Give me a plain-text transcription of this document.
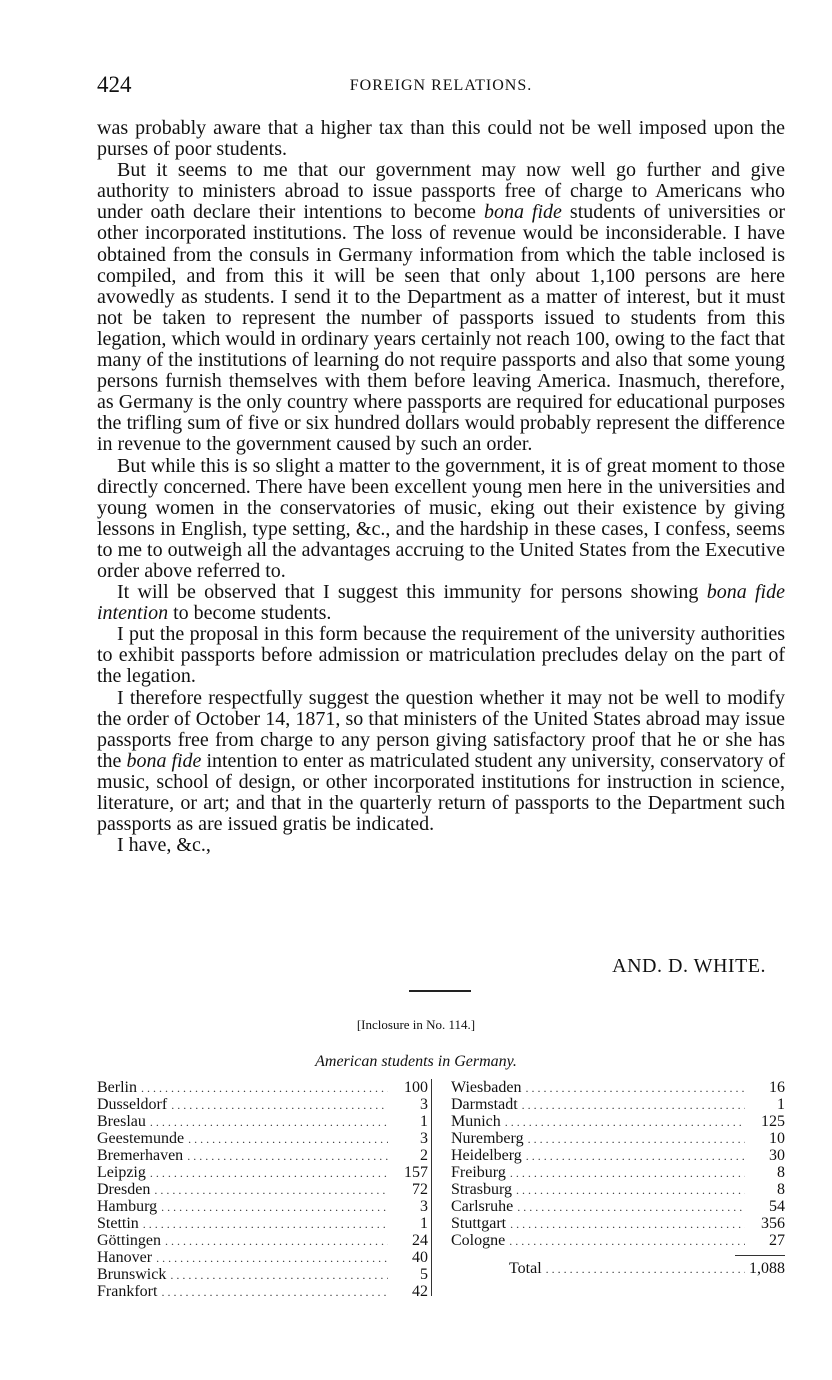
424	FOREIGN RELATIONS.

was probably aware that a higher tax than this could not be well imposed upon the purses of poor students.

But it seems to me that our government may now well go further and give authority to ministers abroad to issue passports free of charge to Americans who under oath declare their intentions to become bona fide students of universities or other incorporated institutions. The loss of revenue would be inconsiderable. I have obtained from the consuls in Germany information from which the table inclosed is compiled, and from this it will be seen that only about 1,100 persons are here avowedly as students. I send it to the Department as a matter of interest, but it must not be taken to represent the number of passports issued to students from this legation, which would in ordinary years certainly not reach 100, owing to the fact that many of the institutions of learning do not require passports and also that some young persons furnish themselves with them before leaving America. Inasmuch, therefore, as Germany is the only country where passports are required for educational purposes the trifling sum of five or six hundred dollars would probably represent the difference in revenue to the government caused by such an order.

But while this is so slight a matter to the government, it is of great moment to those directly concerned. There have been excellent young men here in the universities and young women in the conservatories of music, eking out their existence by giving lessons in English, type setting, &c., and the hardship in these cases, I confess, seems to me to outweigh all the advantages accruing to the United States from the Executive order above referred to.

It will be observed that I suggest this immunity for persons showing bona fide intention to become students.

I put the proposal in this form because the requirement of the university authorities to exhibit passports before admission or matriculation precludes delay on the part of the legation.

I therefore respectfully suggest the question whether it may not be well to modify the order of October 14, 1871, so that ministers of the United States abroad may issue passports free from charge to any person giving satisfactory proof that he or she has the bona fide intention to enter as matriculated student any university, conservatory of music, school of design, or other incorporated institutions for instruction in science, literature, or art; and that in the quarterly return of passports to the Department such passports as are issued gratis be indicated.

I have, &c.,

AND. D. WHITE.
[Inclosure in No. 114.]
American students in Germany.
Berlin . . .	100
Dusseldorf . . .	3
Breslau . . .	1
Geestemunde . . .	3
Bremerhaven . . .	2
Leipzig . . .	157
Dresden . . .	72
Hamburg . . .	3
Stettin . . .	1
Göttingen . . .	24
Hanover . . .	40
Brunswick . . .	5
Frankfort . . .	42
Wiesbaden . . .	16
Darmstadt . . .	1
Munich . . .	125
Nuremberg . . .	10
Heidelberg . . .	30
Freiburg . . .	8
Strasburg . . .	8
Carlsruhe . . .	54
Stuttgart . . .	356
Cologne . . .	27
Total . . .	1,088
